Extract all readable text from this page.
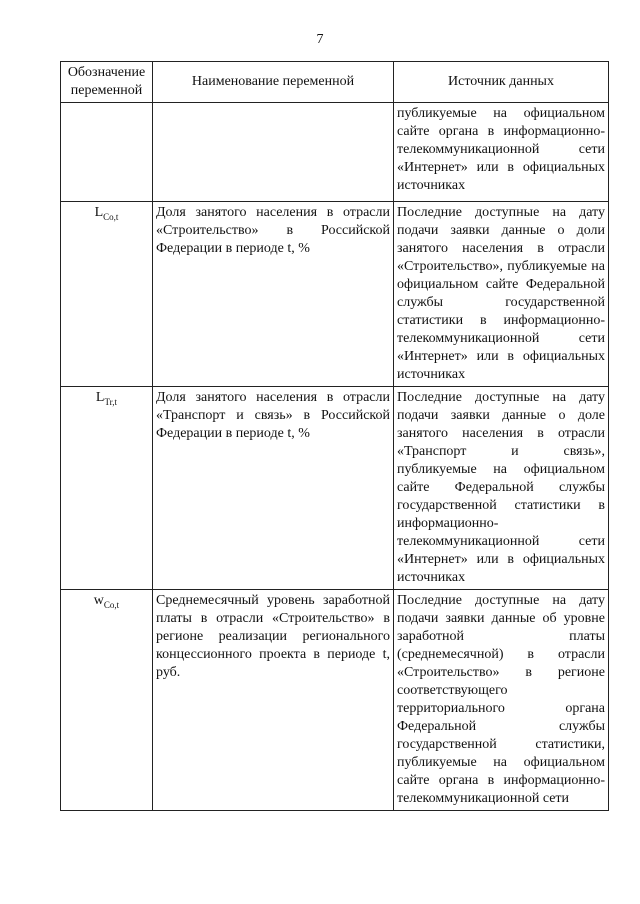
7
Обозначение переменной	Наименование переменной	Источник данных
		публикуемые на официальном сайте органа в информационно-телекоммуникационной сети «Интернет» или в официальных источниках
$L_{Co,t}$	Доля занятого населения в отрасли «Строительство» в Российской Федерации в периоде t, %	Последние доступные на дату подачи заявки данные о доли занятого населения в отрасли «Строительство», публикуемые на официальном сайте Федеральной службы государственной статистики в информационно-телекоммуникационной сети «Интернет» или в официальных источниках
$L_{Tr,t}$	Доля занятого населения в отрасли «Транспорт и связь» в Российской Федерации в периоде t, %	Последние доступные на дату подачи заявки данные о доле занятого населения в отрасли «Транспорт и связь», публикуемые на официальном сайте Федеральной службы государственной статистики в информационно-телекоммуникационной сети «Интернет» или в официальных источниках
$w_{Co,t}$	Среднемесячный уровень заработной платы в отрасли «Строительство» в регионе реализации регионального концессионного проекта в периоде t, руб.	Последние доступные на дату подачи заявки данные об уровне заработной платы (среднемесячной) в отрасли «Строительство» в регионе соответствующего территориального органа Федеральной службы государственной статистики, публикуемые на официальном сайте органа в информационно-телекоммуникационной сети
